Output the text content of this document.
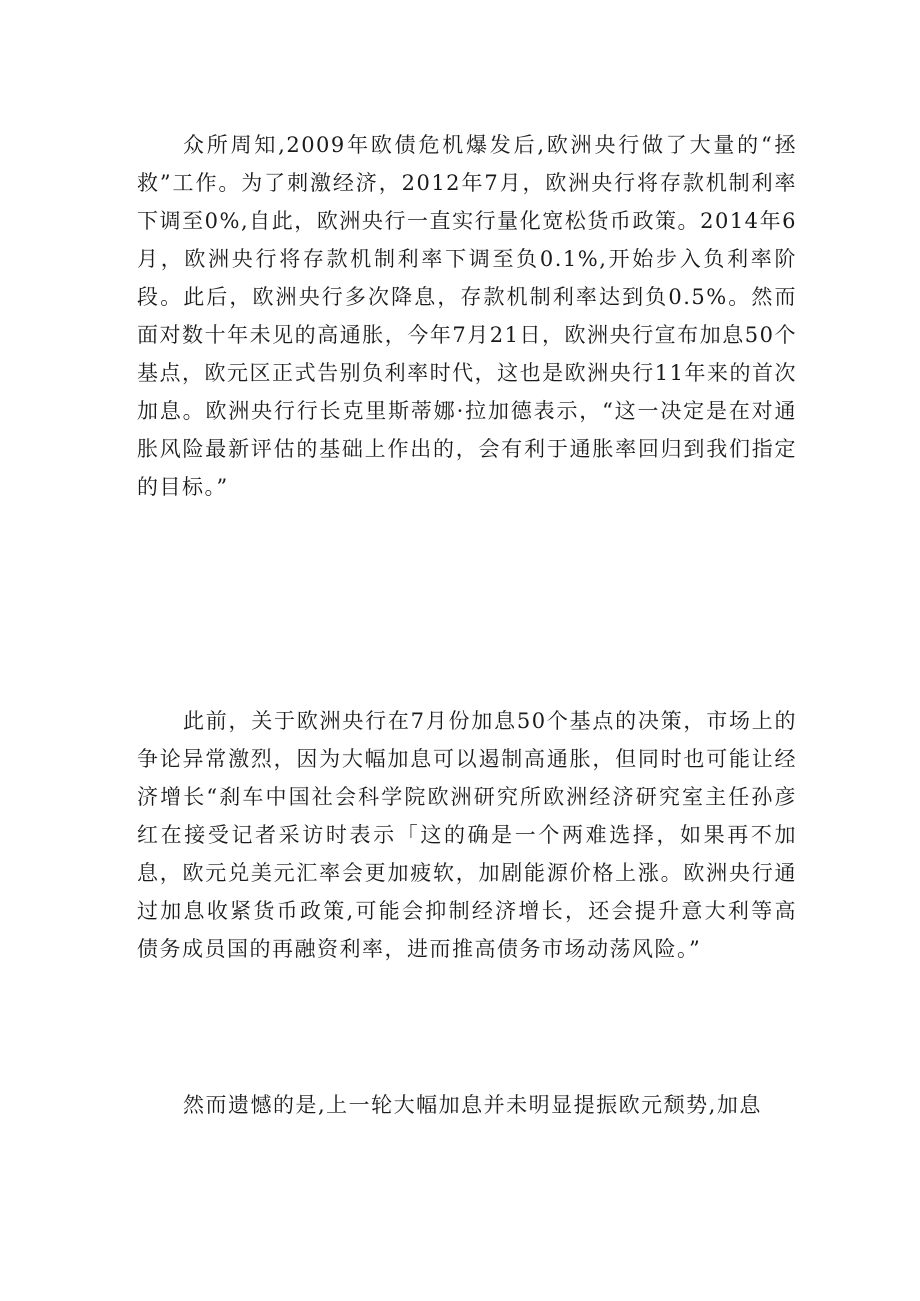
众所周知,2009年欧债危机爆发后,欧洲央行做了大量的“拯救”工作。为了刺激经济，2012年7月，欧洲央行将存款机制利率下调至0%,自此，欧洲央行一直实行量化宽松货币政策。2014年6月，欧洲央行将存款机制利率下调至负0.1%,开始步入负利率阶段。此后，欧洲央行多次降息，存款机制利率达到负0.5%。然而面对数十年未见的高通胀，今年7月21日，欧洲央行宣布加息50个基点，欧元区正式告别负利率时代，这也是欧洲央行11年来的首次加息。欧洲央行行长克里斯蒂娜·拉加德表示，“这一决定是在对通胀风险最新评估的基础上作出的，会有利于通胀率回归到我们指定的目标。”

此前，关于欧洲央行在7月份加息50个基点的决策，市场上的争论异常激烈，因为大幅加息可以遏制高通胀，但同时也可能让经济增长“刹车中国社会科学院欧洲研究所欧洲经济研究室主任孙彦红在接受记者采访时表示「这的确是一个两难选择，如果再不加息，欧元兑美元汇率会更加疲软，加剧能源价格上涨。欧洲央行通过加息收紧货币政策,可能会抑制经济增长，还会提升意大利等高债务成员国的再融资利率，进而推高债务市场动荡风险。”

然而遗憾的是,上一轮大幅加息并未明显提振欧元颓势,加息
